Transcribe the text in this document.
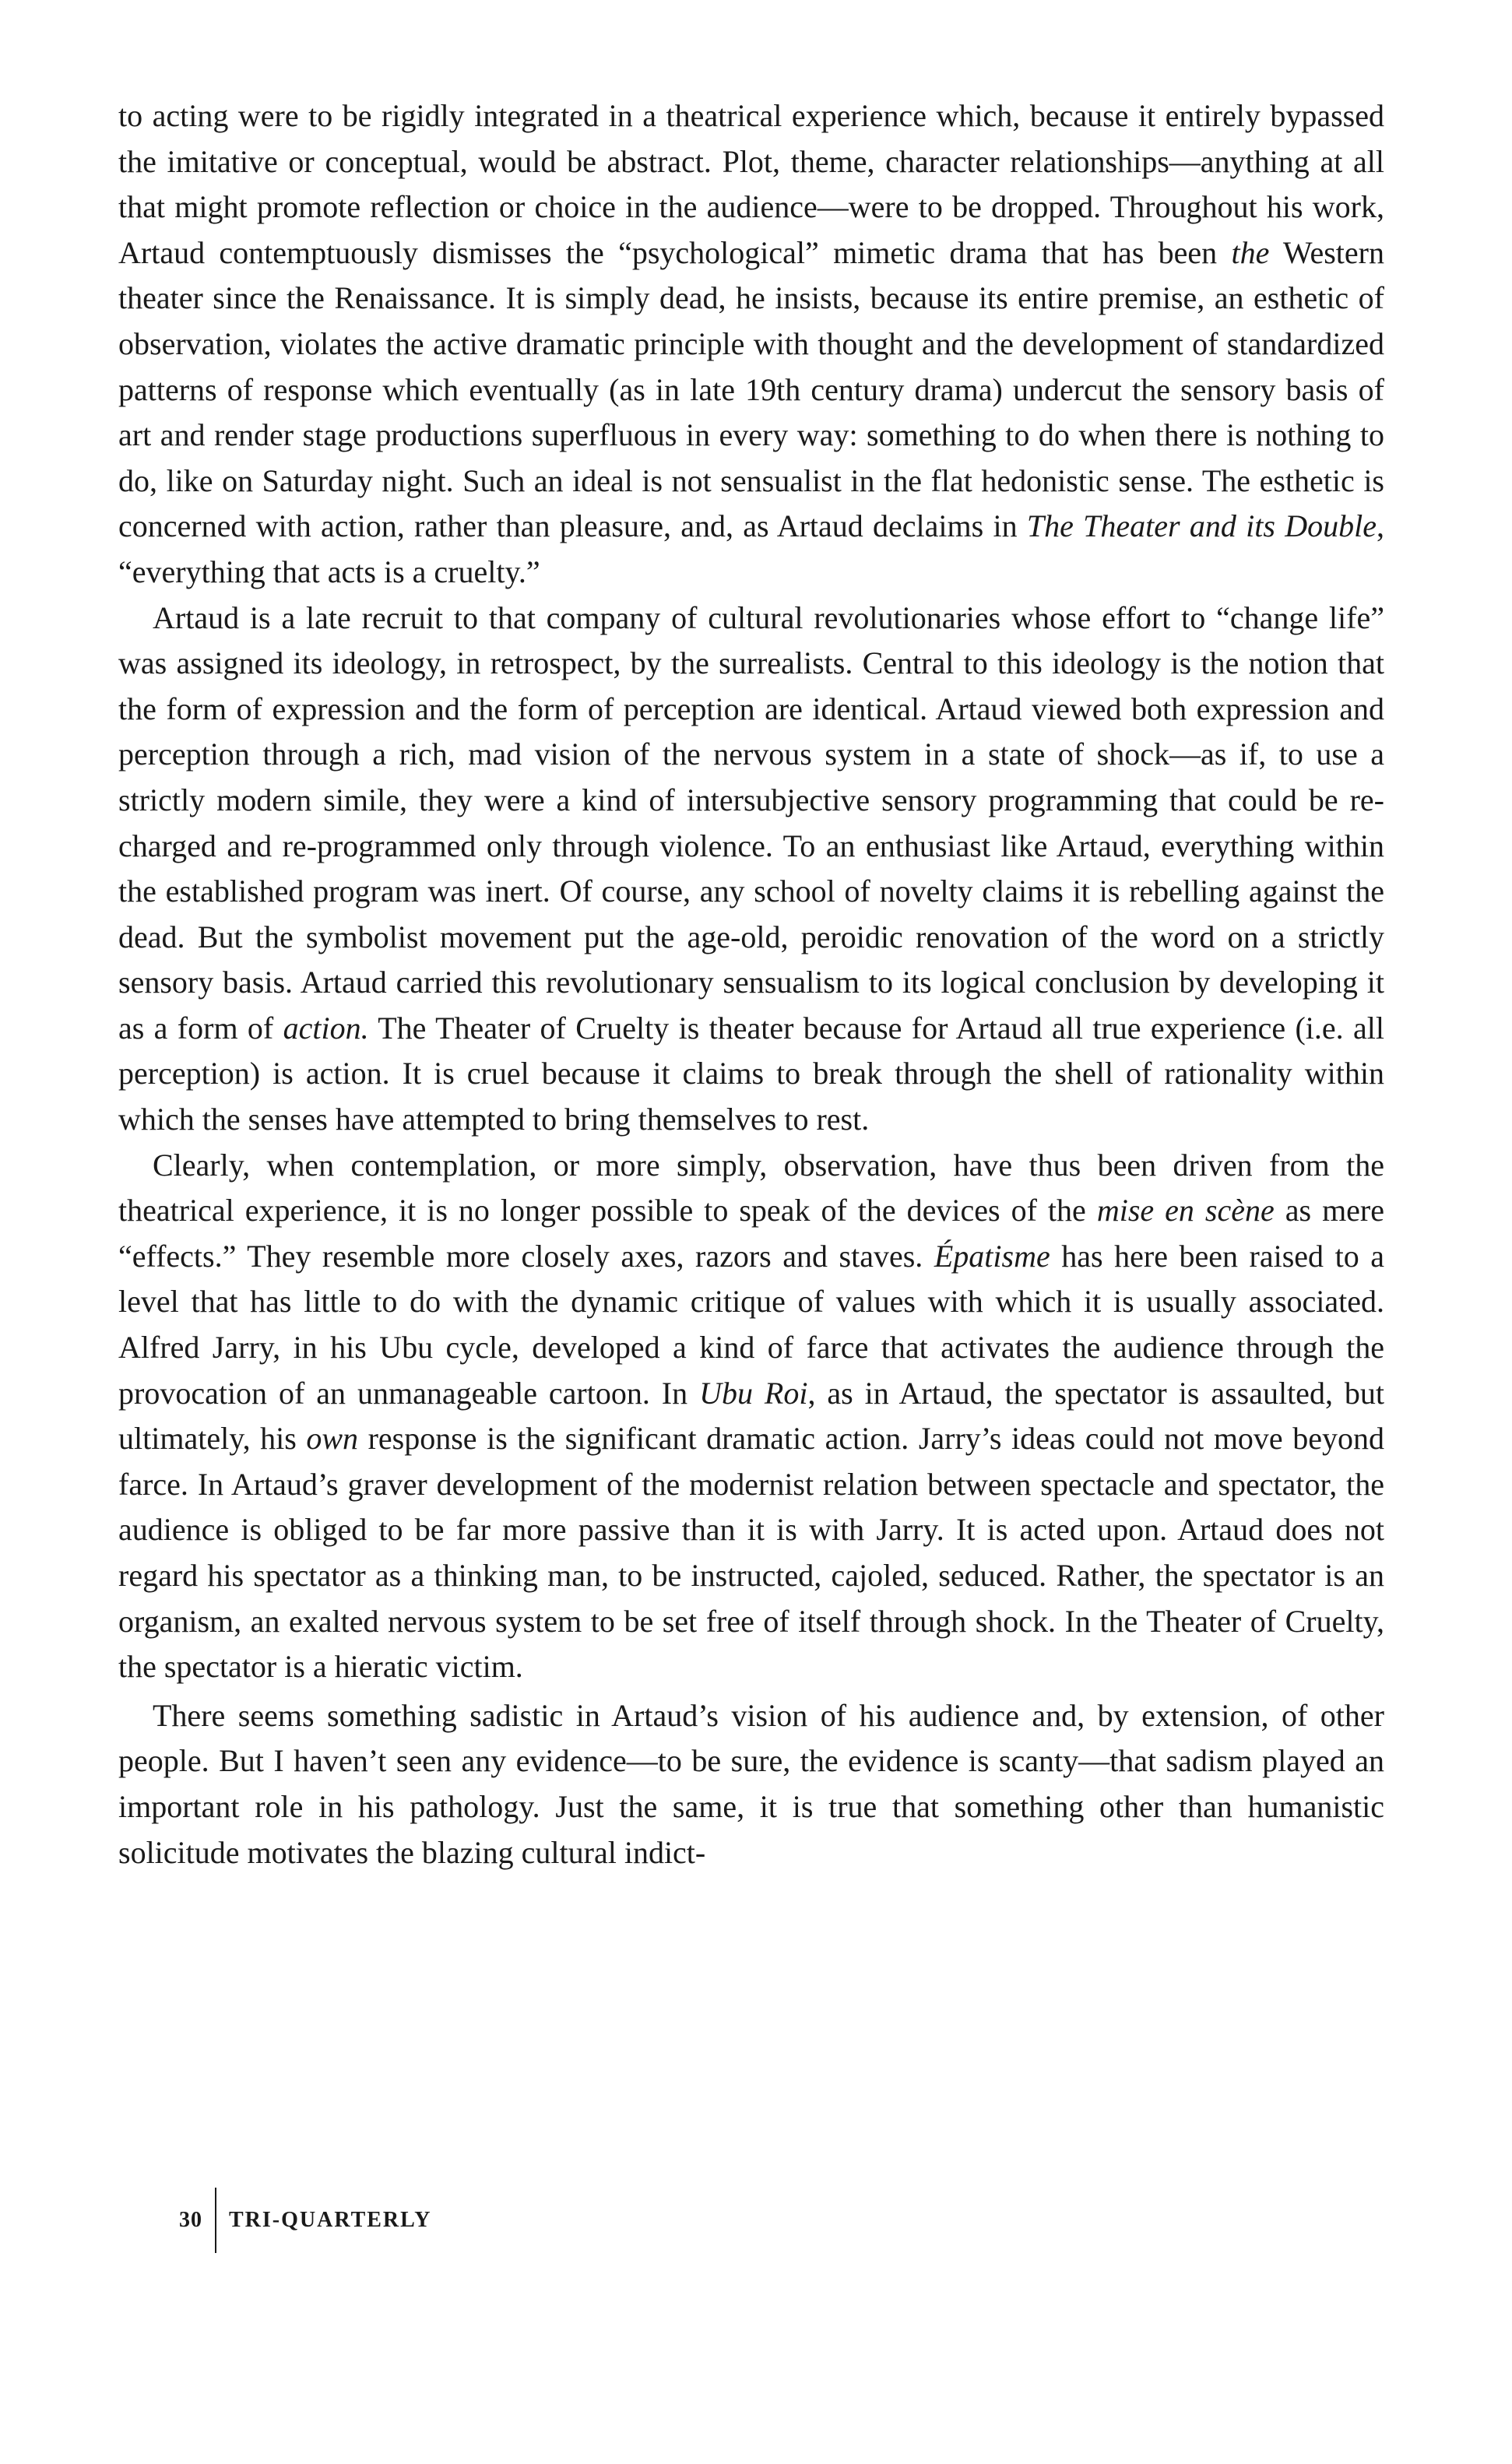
to acting were to be rigidly integrated in a theatrical experience which, because it entirely bypassed the imitative or conceptual, would be abstract. Plot, theme, character relationships—anything at all that might promote reflection or choice in the audience—were to be dropped. Throughout his work, Artaud contemptuously dismisses the “psychological” mimetic drama that has been the Western theater since the Renaissance. It is simply dead, he insists, because its entire premise, an esthetic of observation, violates the active dramatic principle with thought and the development of standardized patterns of response which eventually (as in late 19th century drama) undercut the sensory basis of art and render stage productions superfluous in every way: something to do when there is nothing to do, like on Saturday night. Such an ideal is not sensualist in the flat hedonistic sense. The esthetic is concerned with action, rather than pleasure, and, as Artaud declaims in The Theater and its Double, “everything that acts is a cruelty.”

Artaud is a late recruit to that company of cultural revolutionaries whose effort to “change life” was assigned its ideology, in retrospect, by the surrealists. Central to this ideology is the notion that the form of expression and the form of perception are identical. Artaud viewed both expression and perception through a rich, mad vision of the nervous system in a state of shock—as if, to use a strictly modern simile, they were a kind of intersubjective sensory programming that could be re-charged and re-programmed only through violence. To an enthusiast like Artaud, everything within the established program was inert. Of course, any school of novelty claims it is rebelling against the dead. But the symbolist movement put the age-old, peroidic renovation of the word on a strictly sensory basis. Artaud carried this revolutionary sensualism to its logical conclusion by developing it as a form of action. The Theater of Cruelty is theater because for Artaud all true experience (i.e. all perception) is action. It is cruel because it claims to break through the shell of rationality within which the senses have attempted to bring themselves to rest.

Clearly, when contemplation, or more simply, observation, have thus been driven from the theatrical experience, it is no longer possible to speak of the devices of the mise en scène as mere “effects.” They resemble more closely axes, razors and staves. Épatisme has here been raised to a level that has little to do with the dynamic critique of values with which it is usually associated. Alfred Jarry, in his Ubu cycle, developed a kind of farce that activates the audience through the provocation of an unmanageable cartoon. In Ubu Roi, as in Artaud, the spectator is assaulted, but ultimately, his own response is the significant dramatic action. Jarry’s ideas could not move beyond farce. In Artaud’s graver development of the modernist relation between spectacle and spectator, the audience is obliged to be far more passive than it is with Jarry. It is acted upon. Artaud does not regard his spectator as a thinking man, to be instructed, cajoled, seduced. Rather, the spectator is an organism, an exalted nervous system to be set free of itself through shock. In the Theater of Cruelty, the spectator is a hieratic victim.

There seems something sadistic in Artaud’s vision of his audience and, by extension, of other people. But I haven’t seen any evidence—to be sure, the evidence is scanty—that sadism played an important role in his pathology. Just the same, it is true that something other than humanistic solicitude motivates the blazing cultural indict-

30	TRI-QUARTERLY
